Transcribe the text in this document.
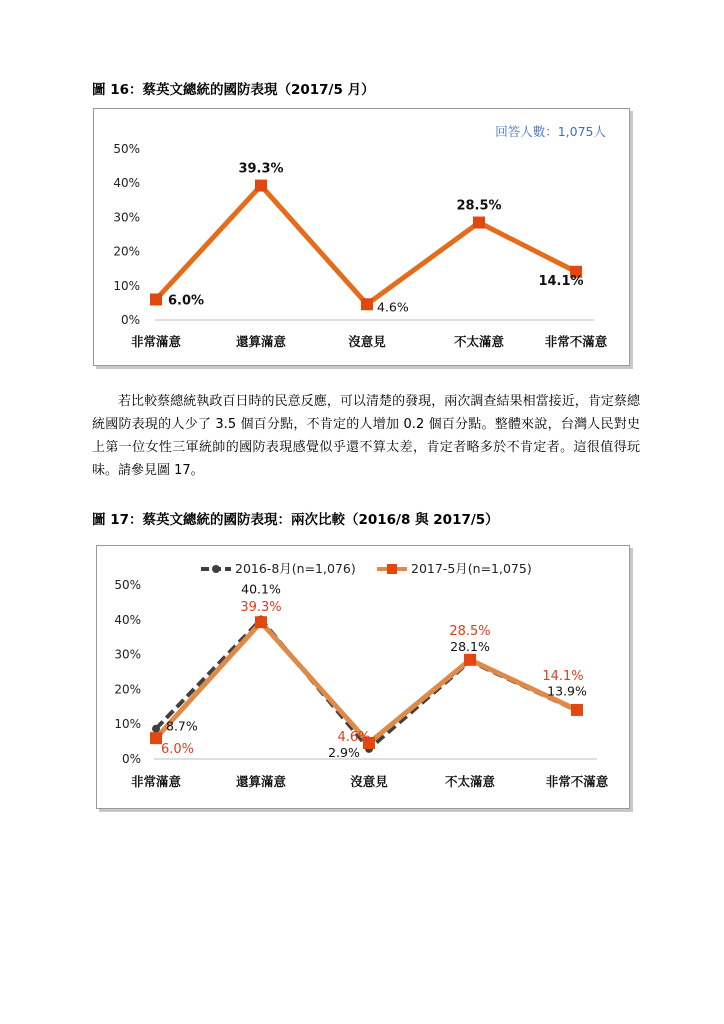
圖 16：蔡英文總統的國防表現（2017/5 月）
回答人數：1,075人
0%
10%
20%
30%
40%
50%
非常滿意	還算滿意	沒意見	不太滿意	非常不滿意
6.0%
39.3%
4.6%
28.5%
14.1%

若比較蔡總統執政百日時的民意反應，可以清楚的發現，兩次調查結果相當接近，肯定蔡總統國防表現的人少了 3.5 個百分點，不肯定的人增加 0.2 個百分點。整體來說，台灣人民對史上第一位女性三軍統帥的國防表現感覺似乎還不算太差，肯定者略多於不肯定者。這很值得玩味。請參見圖 17。

圖 17：蔡英文總統的國防表現：兩次比較（2016/8 與 2017/5）
2016-8月(n=1,076)	2017-5月(n=1,075)
0%
10%
20%
30%
40%
50%
非常滿意	還算滿意	沒意見	不太滿意	非常不滿意
8.7%
40.1%
2.9%
28.1%
13.9%
6.0%
39.3%
4.6%
28.5%
14.1%
